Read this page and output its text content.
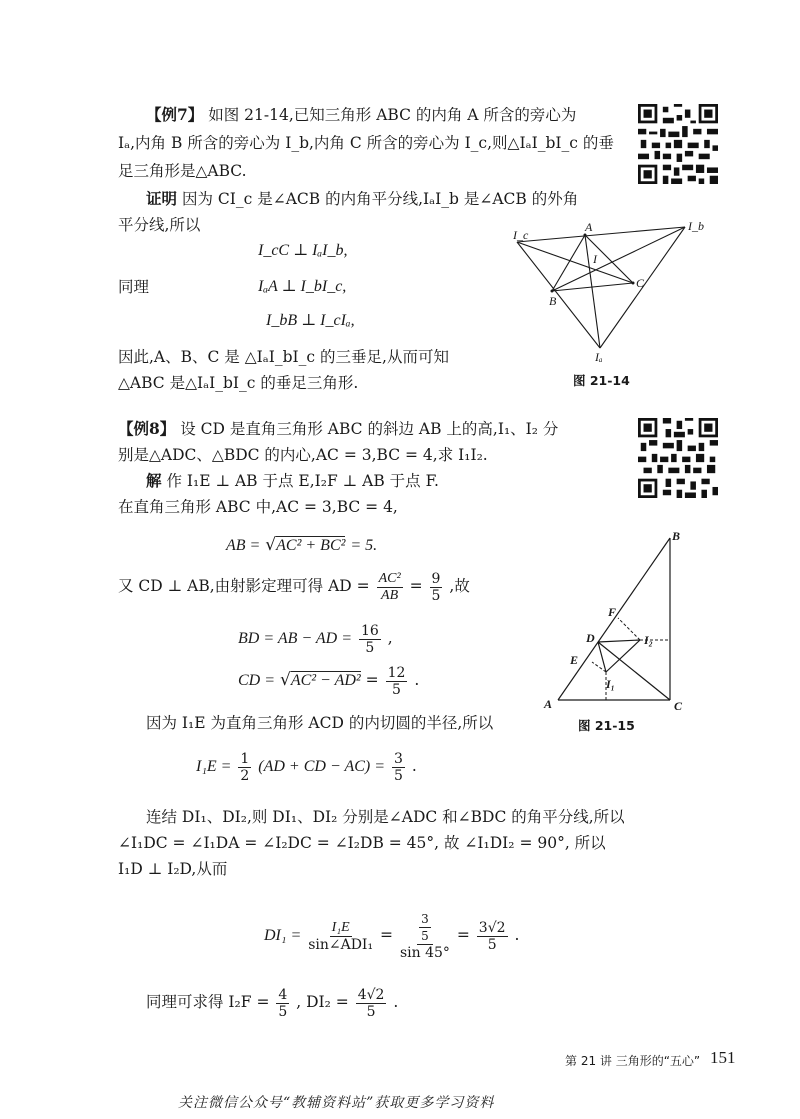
【例7】 如图 21-14,已知三角形 ABC 的内角 A 所含的旁心为
Iₐ,内角 B 所含的旁心为 I_b,内角 C 所含的旁心为 I_c,则△IₐI_bI_c 的垂
足三角形是△ABC.
证明 因为 CI_c 是∠ACB 的内角平分线,IₐI_b 是∠ACB 的外角
平分线,所以
I_cC ⊥ IₐI_b,
同理	IₐA ⊥ I_bI_c,
I_bB ⊥ I_cIₐ,
因此,A、B、C 是 △IₐI_bI_c 的三垂足,从而可知
△ABC 是△IₐI_bI_c 的垂足三角形.
I_c
A	I_b
I
C
B
Iₐ
图 21-14
【例8】 设 CD 是直角三角形 ABC 的斜边 AB 上的高,I₁、I₂ 分
别是△ADC、△BDC 的内心,AC = 3,BC = 4,求 I₁I₂.
解 作 I₁E ⊥ AB 于点 E,I₂F ⊥ AB 于点 F.
在直角三角形 ABC 中,AC = 3,BC = 4,
AB = √AC² + BC² = 5.
又 CD ⊥ AB,由射影定理可得 AD = $\frac{\text{AC²}}{AB} = \frac{9}{5}$ ,故
BD = AB − AD = $\frac{16}{5}$ ,
CD = $√AC^2 - AD^2 = \frac{12}{5}$ .
因为 I₁E 为直角三角形 ACD 的内切圆的半径,所以
$I_1E = \frac{1}{2} (AD$ + CD − $AC) = \frac{3}{5}$ .
连结 DI₁、DI₂,则 DI₁、DI₂ 分别是∠ADC 和∠BDC 的角平分线,所以
∠I₁DC = ∠I₁DA = ∠I₂DC = ∠I₂DB = 45°, 故 ∠I₁DI₂ = 90°, 所以
I₁D ⊥ I₂D,从而
$DI_1 = \frac{\text{I₁E}}{\text{sin∠ADI₁}} = \frac{\frac{3}{5}}{\sin 45^\circ} = \frac{3√2}{5}$ .
同理可求得 $I_2F = \frac{4}{5}$ , $DI_2 = \frac{4√2}{5}$ .
B
F
D	I₂
E
I₁
A	C
图 21-15
第 21 讲 三角形的“五心” 151
关注微信公众号“教辅资料站”获取更多学习资料
